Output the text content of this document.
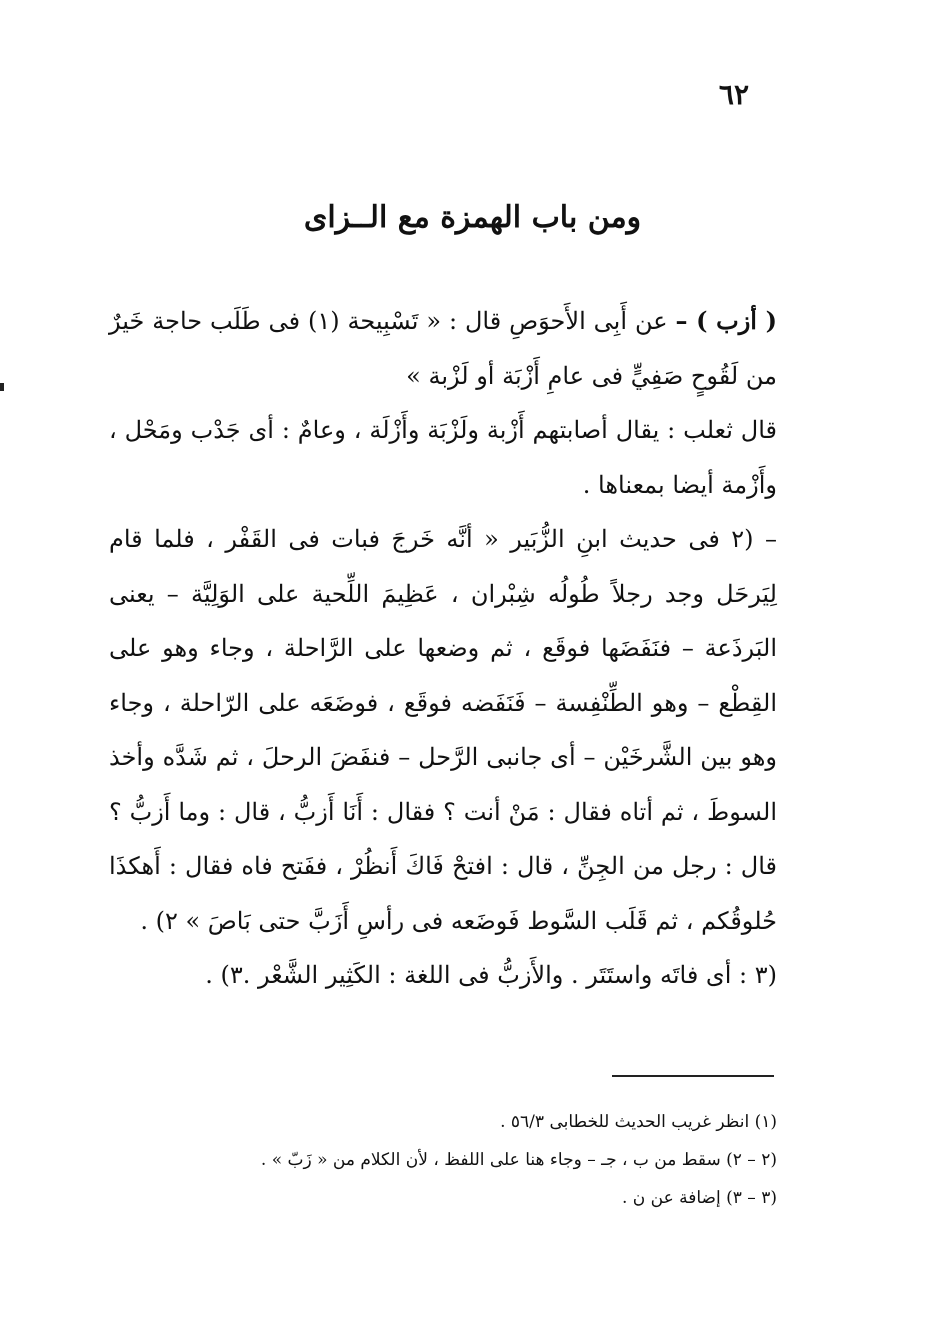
٦٢
ومن باب الهمزة مع الــزاى

( أزب ) – عن أَبِى الأَحوَصِ قال : « تَسْبِيحة (١) فى طَلَب حاجة خَيرٌ من لَقُوحٍ صَفِيٍّ فى عامِ أَزْبَة أو لَزْبة »

قال ثعلب : يقال أصابتهم أَزْبة ولَزْبَة وأَزْلَة ، وعامٌ : أى جَدْب ومَحْل ، وأَزْمة أيضا بمعناها .

– (٢ فى حديث ابنِ الزُّبَير « أنَّه خَرجَ فبات فى القَفْر ، فلما قام لِيَرحَل وجد رجلاً طُولُه شِبْران ، عَظِيمَ اللِّحية على الوَلِيَّة – يعنى البَرذَعة – فنَفَضَها فوقَع ، ثم وضعها على الرَّاحلة ، وجاء وهو على القِطْع – وهو الطِّنْفِسة – فَنَفَضه فوقَع ، فوضَعَه على الرّاحلة ، وجاء وهو بين الشَّرخَيْن – أى جانبى الرَّحل – فنفَضَ الرحلَ ، ثم شَدَّه وأخذ السوطَ ، ثم أتاه فقال : مَنْ أنت ؟ فقال : أَنَا أَزبُّ ، قال : وما أَزبُّ ؟ قال : رجل من الجِنِّ ، قال : افتحْ فَاكَ أَنظُرْ ، ففَتح فاه فقال : أَهكذَا حُلوقُكم ، ثم قَلَب السَّوط فَوضَعه فى رأسِ أَزَبَّ حتى بَاصَ » ٢) .

(٣ : أى فاتَه واستَتَر . والأَزبُّ فى اللغة : الكَثِير الشَّعْر .٣) .

(١) انظر غريب الحديث للخطابى ٥٦/٣ .

(٢ – ٢) سقط من ب ، جـ – وجاء هنا على اللفظ ، لأن الكلام من « زَبّ » .

(٣ – ٣) إضافة عن ن .
